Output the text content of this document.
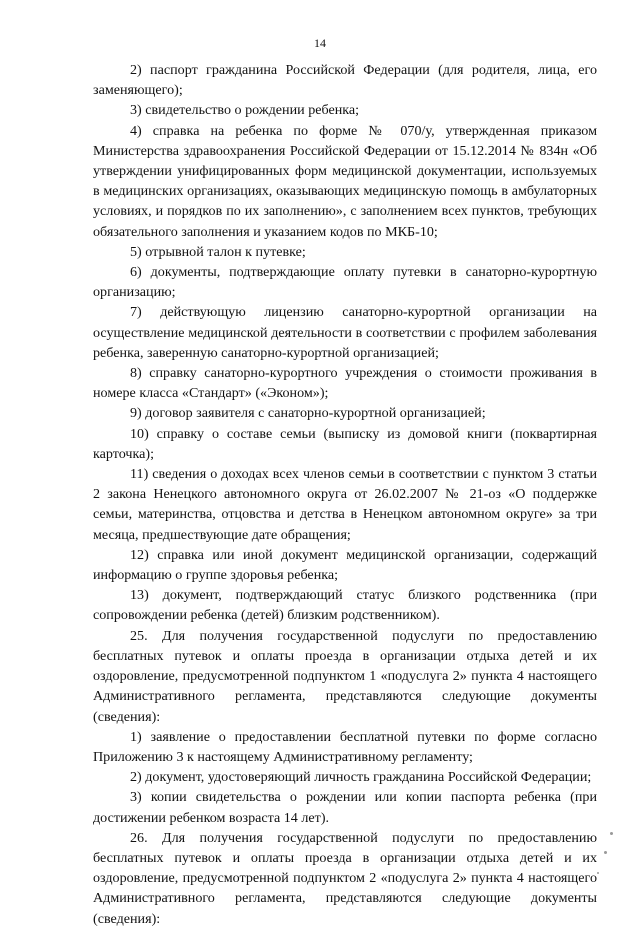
14

2) паспорт гражданина Российской Федерации (для родителя, лица, его заменяющего);

3) свидетельство о рождении ребенка;

4) справка на ребенка по форме № 070/у, утвержденная приказом Министерства здравоохранения Российской Федерации от 15.12.2014 № 834н «Об утверждении унифицированных форм медицинской документации, используемых в медицинских организациях, оказывающих медицинскую помощь в амбулаторных условиях, и порядков по их заполнению», с заполнением всех пунктов, требующих обязательного заполнения и указанием кодов по МКБ-10;

5) отрывной талон к путевке;

6) документы, подтверждающие оплату путевки в санаторно-курортную организацию;

7) действующую лицензию санаторно-курортной организации на осуществление медицинской деятельности в соответствии с профилем заболевания ребенка, заверенную санаторно-курортной организацией;

8) справку санаторно-курортного учреждения о стоимости проживания в номере класса «Стандарт» («Эконом»);

9) договор заявителя с санаторно-курортной организацией;

10) справку о составе семьи (выписку из домовой книги (поквартирная карточка);

11) сведения о доходах всех членов семьи в соответствии с пунктом 3 статьи 2 закона Ненецкого автономного округа от 26.02.2007 № 21-оз «О поддержке семьи, материнства, отцовства и детства в Ненецком автономном округе» за три месяца, предшествующие дате обращения;

12) справка или иной документ медицинской организации, содержащий информацию о группе здоровья ребенка;

13) документ, подтверждающий статус близкого родственника (при сопровождении ребенка (детей) близким родственником).

25. Для получения государственной подуслуги по предоставлению бесплатных путевок и оплаты проезда в организации отдыха детей и их оздоровление, предусмотренной подпунктом 1 «подуслуга 2» пункта 4 настоящего Административного регламента, представляются следующие документы (сведения):

1) заявление о предоставлении бесплатной путевки по форме согласно Приложению 3 к настоящему Административному регламенту;

2) документ, удостоверяющий личность гражданина Российской Федерации;

3) копии свидетельства о рождении или копии паспорта ребенка (при достижении ребенком возраста 14 лет).

26. Для получения государственной подуслуги по предоставлению бесплатных путевок и оплаты проезда в организации отдыха детей и их оздоровление, предусмотренной подпунктом 2 «подуслуга 2» пункта 4 настоящего Административного регламента, представляются следующие документы (сведения):
